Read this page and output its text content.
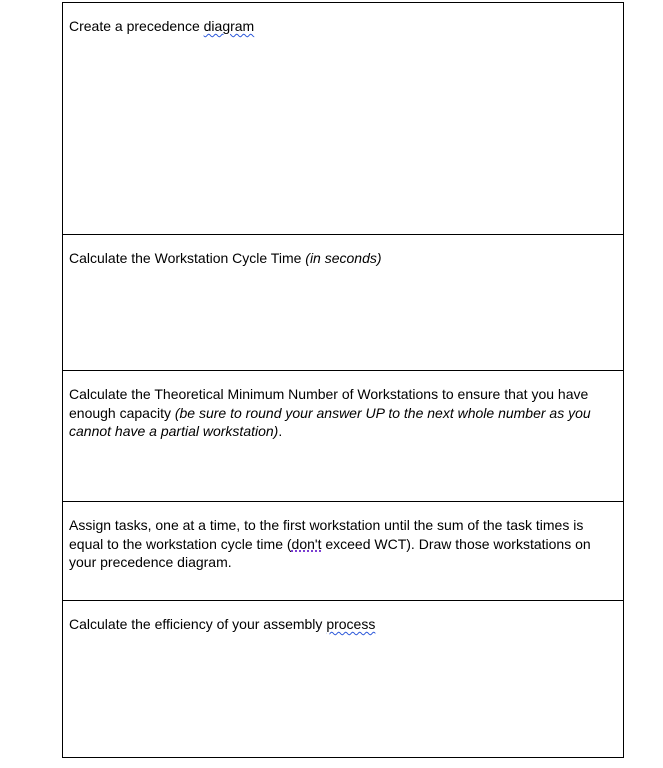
Create a precedence diagram
Calculate the Workstation Cycle Time (in seconds)
Calculate the Theoretical Minimum Number of Workstations to ensure that you have enough capacity (be sure to round your answer UP to the next whole number as you cannot have a partial workstation).
Assign tasks, one at a time, to the first workstation until the sum of the task times is equal to the workstation cycle time (don't exceed WCT). Draw those workstations on your precedence diagram.
Calculate the efficiency of your assembly process
